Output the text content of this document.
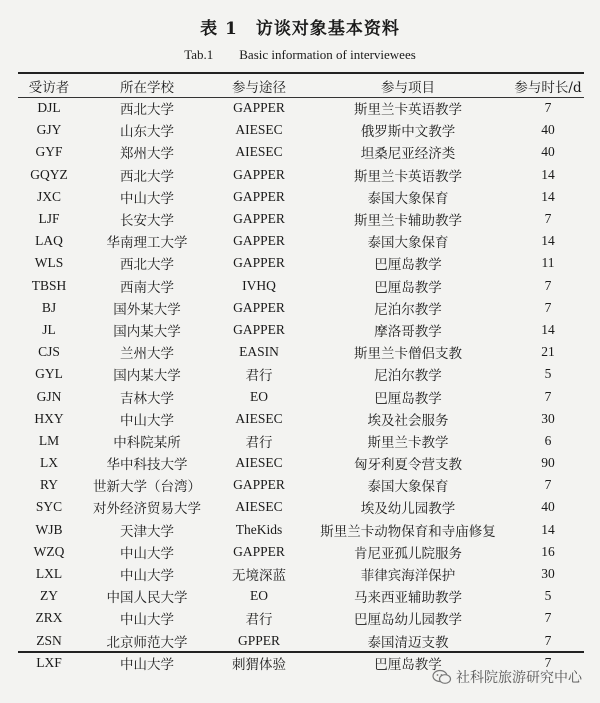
表 1　访谈对象基本资料
Tab.1　　Basic information of interviewees
受访者	所在学校	参与途径	参与项目	参与时长/d
DJL	西北大学	GAPPER	斯里兰卡英语教学	7
GJY	山东大学	AIESEC	俄罗斯中文教学	40
GYF	郑州大学	AIESEC	坦桑尼亚经济类	40
GQYZ	西北大学	GAPPER	斯里兰卡英语教学	14
JXC	中山大学	GAPPER	泰国大象保育	14
LJF	长安大学	GAPPER	斯里兰卡辅助教学	7
LAQ	华南理工大学	GAPPER	泰国大象保育	14
WLS	西北大学	GAPPER	巴厘岛教学	11
TBSH	西南大学	IVHQ	巴厘岛教学	7
BJ	国外某大学	GAPPER	尼泊尔教学	7
JL	国内某大学	GAPPER	摩洛哥教学	14
CJS	兰州大学	EASIN	斯里兰卡僧侣支教	21
GYL	国内某大学	君行	尼泊尔教学	5
GJN	吉林大学	EO	巴厘岛教学	7
HXY	中山大学	AIESEC	埃及社会服务	30
LM	中科院某所	君行	斯里兰卡教学	6
LX	华中科技大学	AIESEC	匈牙利夏令营支教	90
RY	世新大学（台湾）	GAPPER	泰国大象保育	7
SYC	对外经济贸易大学	AIESEC	埃及幼儿园教学	40
WJB	天津大学	TheKids	斯里兰卡动物保育和寺庙修复	14
WZQ	中山大学	GAPPER	肯尼亚孤儿院服务	16
LXL	中山大学	无境深蓝	菲律宾海洋保护	30
ZY	中国人民大学	EO	马来西亚辅助教学	5
ZRX	中山大学	君行	巴厘岛幼儿园教学	7
ZSN	北京师范大学	GPPER	泰国清迈支教	7
LXF	中山大学	刺猬体验	巴厘岛教学	7
社科院旅游研究中心
